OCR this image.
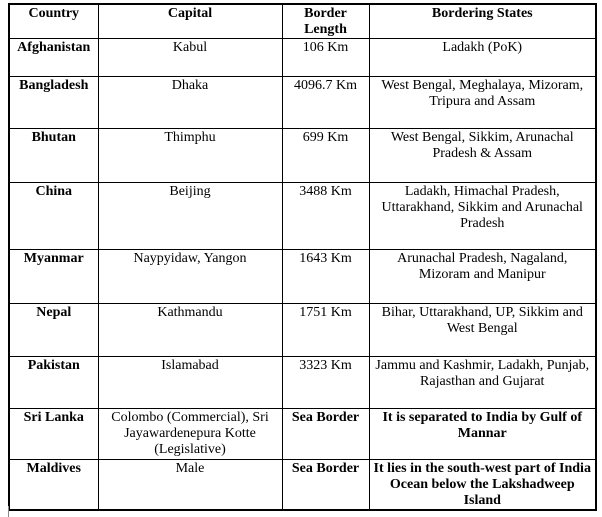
Country	Capital	Border Length	Bordering States
Afghanistan	Kabul	106 Km	Ladakh (PoK)
Bangladesh	Dhaka	4096.7 Km	West Bengal, Meghalaya, Mizoram, Tripura and Assam
Bhutan	Thimphu	699 Km	West Bengal, Sikkim, Arunachal Pradesh & Assam
China	Beijing	3488 Km	Ladakh, Himachal Pradesh, Uttarakhand, Sikkim and Arunachal Pradesh
Myanmar	Naypyidaw, Yangon	1643 Km	Arunachal Pradesh, Nagaland, Mizoram and Manipur
Nepal	Kathmandu	1751 Km	Bihar, Uttarakhand, UP, Sikkim and West Bengal
Pakistan	Islamabad	3323 Km	Jammu and Kashmir, Ladakh, Punjab, Rajasthan and Gujarat
Sri Lanka	Colombo (Commercial), Sri Jayawardenepura Kotte (Legislative)	Sea Border	It is separated to India by Gulf of Mannar
Maldives	Male	Sea Border	It lies in the south-west part of India Ocean below the Lakshadweep Island
